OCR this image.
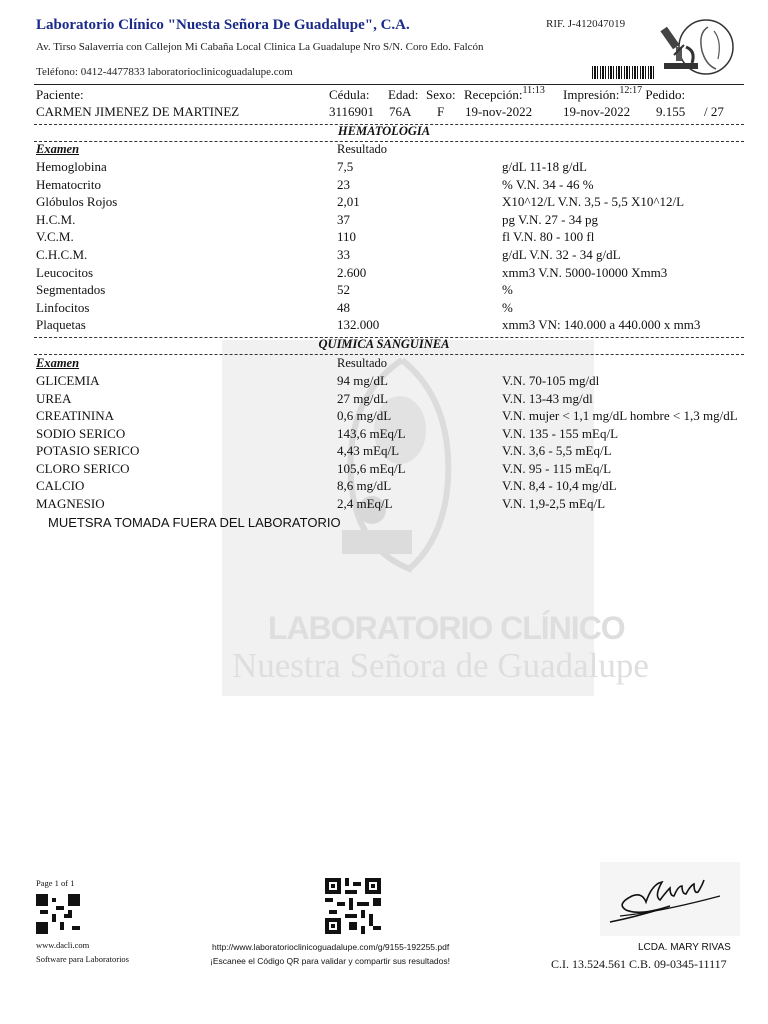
Laboratorio Clínico "Nuesta Señora De Guadalupe", C.A.	RIF. J-412047019
Av. Tirso Salaverria con Callejon Mi Cabaña Local Clinica La Guadalupe Nro S/N. Coro Edo. Falcón
Teléfono: 0412-4477833 laboratorioclinicoguadalupe.com
Paciente:	Cédula: Edad: Sexo: Recepción:$^{11:13}$ Impresión:$^{12:17}$ Pedido:
CARMEN JIMENEZ DE MARTINEZ	3116901 76A F 19-nov-2022 19-nov-2022 9.155 / 27
LABORATORIO CLÍNICO
Nuestra Señora de Guadalupe
HEMATOLOGIA
Examen	Resultado
Hemoglobina	7,5	g/dL 11-18 g/dL
Hematocrito	23	% V.N. 34 - 46 %
Glóbulos Rojos	2,01	X10^12/L V.N. 3,5 - 5,5 X10^12/L
H.C.M.	37	pg V.N. 27 - 34 pg
V.C.M.	110	fl V.N. 80 - 100 fl
C.H.C.M.	33	g/dL V.N. 32 - 34 g/dL
Leucocitos	2.600	xmm3 V.N. 5000-10000 Xmm3
Segmentados	52	%
Linfocitos	48	%
Plaquetas	132.000	xmm3 VN: 140.000 a 440.000 x mm3
QUIMICA SANGUINEA
Examen	Resultado
GLICEMIA	94 mg/dL	V.N. 70-105 mg/dl
UREA	27 mg/dL	V.N. 13-43 mg/dl
CREATININA	0,6 mg/dL	V.N. mujer < 1,1 mg/dL hombre < 1,3 mg/dL
SODIO SERICO	143,6 mEq/L	V.N. 135 - 155 mEq/L
POTASIO SERICO	4,43 mEq/L	V.N. 3,6 - 5,5 mEq/L
CLORO SERICO	105,6 mEq/L	V.N. 95 - 115 mEq/L
CALCIO	8,6 mg/dL	V.N. 8,4 - 10,4 mg/dL
MAGNESIO	2,4 mEq/L	V.N. 1,9-2,5 mEq/L
MUETSRA TOMADA FUERA DEL LABORATORIO
Page 1 of 1
www.dacli.com
Software para Laboratorios
http://www.laboratorioclinicoguadalupe.com/g/9155-192255.pdf
¡Escanee el Código QR para validar y compartir sus resultados!
LCDA. MARY RIVAS
C.I. 13.524.561 C.B. 09-0345-11117
